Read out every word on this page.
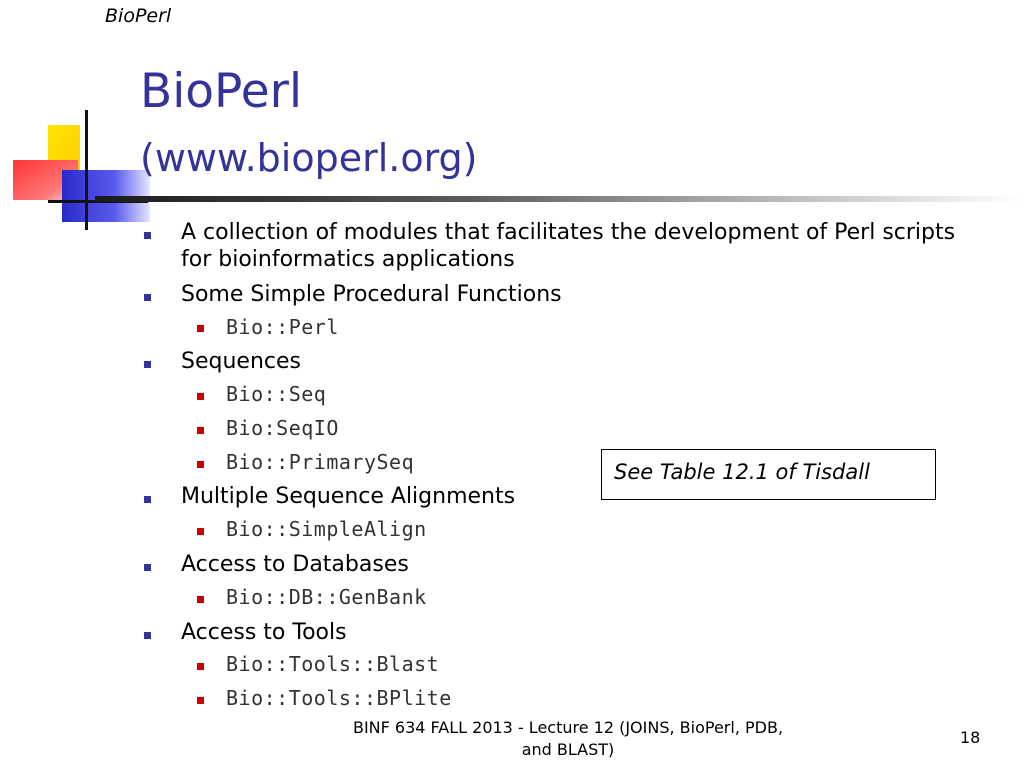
BioPerl
BioPerl
(www.bioperl.org)
A collection of modules that facilitates the development of Perl scripts
for bioinformatics applications
Some Simple Procedural Functions
Bio::Perl
Sequences
Bio::Seq
Bio:SeqIO
Bio::PrimarySeq
Multiple Sequence Alignments
Bio::SimpleAlign
Access to Databases
Bio::DB::GenBank
Access to Tools
Bio::Tools::Blast
Bio::Tools::BPlite
See Table 12.1 of Tisdall
BINF 634 FALL 2013 - Lecture 12 (JOINS, BioPerl, PDB,
and BLAST)
18
